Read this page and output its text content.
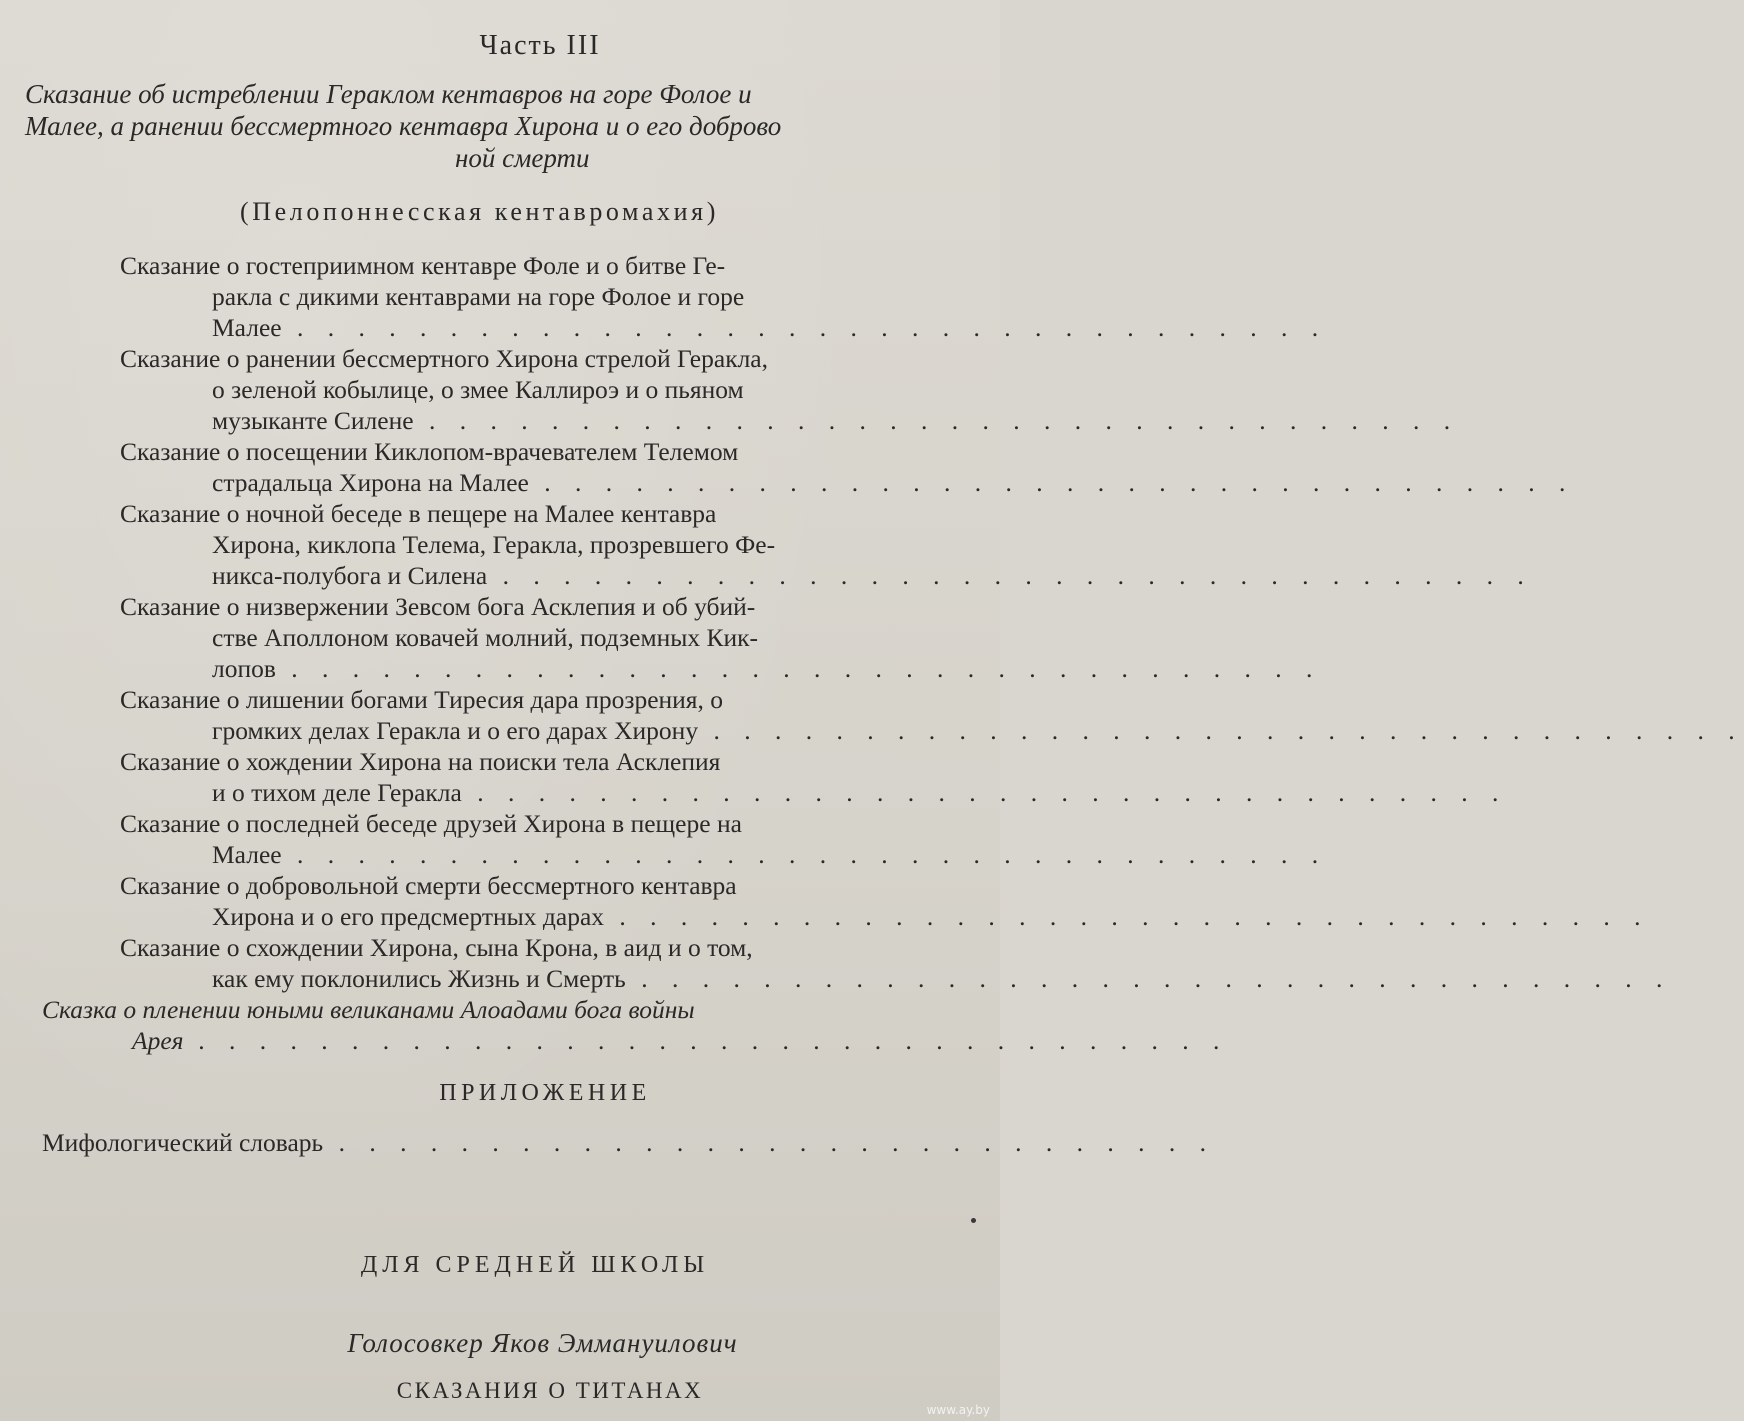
Часть III
Сказание об истреблении Гераклом кентавров на горе Фолое и
Малее, а ранении бессмертного кентавра Хирона и о его доброво
ной смерти
(Пелопоннесская кентавромахия)
Сказание о гостеприимном кентавре Фоле и о битве Ге-
ракла с дикими кентаврами на горе Фолое и горе
Малее . . . . . . . . . . . . . . . . . . . . . . . . . . . . . . . . . .
Сказание о ранении бессмертного Хирона стрелой Геракла,
о зеленой кобылице, о змее Каллироэ и о пьяном
музыканте Силене . . . . . . . . . . . . . . . . . . . . . . . . . . . . . . . . . .
Сказание о посещении Киклопом-врачевателем Телемом
страдальца Хирона на Малее . . . . . . . . . . . . . . . . . . . . . . . . . . . . . . . . . .
Сказание о ночной беседе в пещере на Малее кентавра
Хирона, киклопа Телема, Геракла, прозревшего Фе-
никса-полубога и Силена . . . . . . . . . . . . . . . . . . . . . . . . . . . . . . . . . .
Сказание о низвержении Зевсом бога Асклепия и об убий-
стве Аполлоном ковачей молний, подземных Кик-
лопов . . . . . . . . . . . . . . . . . . . . . . . . . . . . . . . . . .
Сказание о лишении богами Тиресия дара прозрения, о
громких делах Геракла и о его дарах Хирону . . . . . . . . . . . . . . . . . . . . . . . . . . . . . . . . . .
Сказание о хождении Хирона на поиски тела Асклепия
и о тихом деле Геракла . . . . . . . . . . . . . . . . . . . . . . . . . . . . . . . . . .
Сказание о последней беседе друзей Хирона в пещере на
Малее . . . . . . . . . . . . . . . . . . . . . . . . . . . . . . . . . .
Сказание о добровольной смерти бессмертного кентавра
Хирона и о его предсмертных дарах . . . . . . . . . . . . . . . . . . . . . . . . . . . . . . . . . .
Сказание о схождении Хирона, сына Крона, в аид и о том,
как ему поклонились Жизнь и Смерть . . . . . . . . . . . . . . . . . . . . . . . . . . . . . . . . . .
Сказка о пленении юными великанами Алоадами бога войны
Арея . . . . . . . . . . . . . . . . . . . . . . . . . . . . . . . . . .
ПРИЛОЖЕНИЕ
Мифологический словарь . . . . . . . . . . . . . . . . . . . . . . . . . . . . .
ДЛЯ СРЕДНЕЙ ШКОЛЫ
Голосовкер Яков Эммануилович
СКАЗАНИЯ О ТИТАНАХ
www.ay.by
